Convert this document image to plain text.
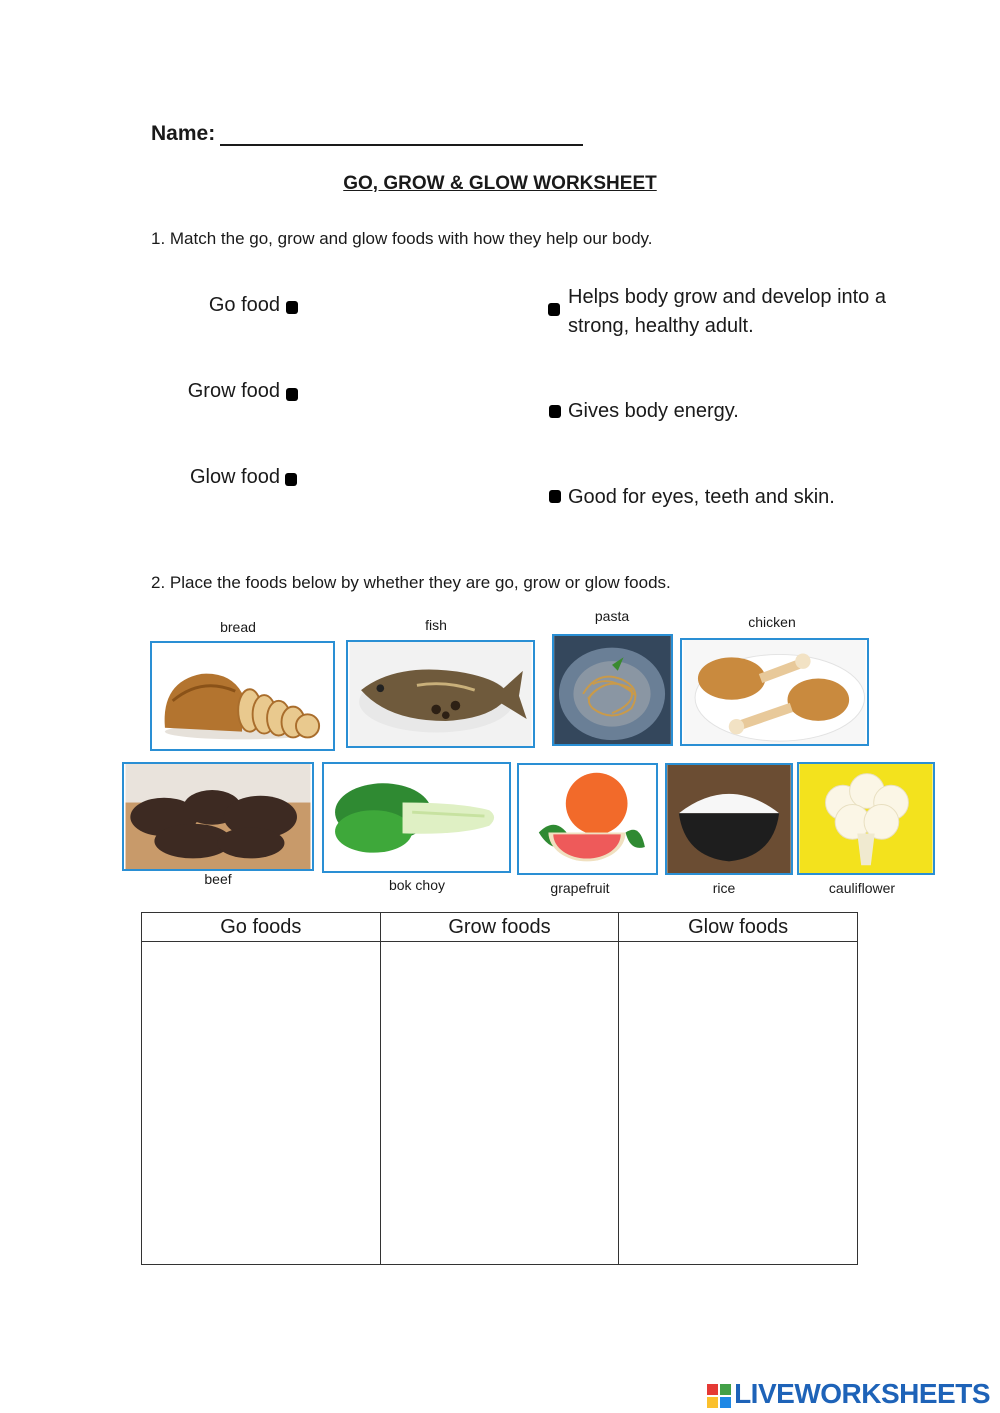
Name:
GO, GROW & GLOW WORKSHEET
1. Match the go, grow and glow foods with how they help our body.
Go food
Grow food
Glow food
Helps body grow and develop into a strong, healthy adult.
Gives body energy.
Good for eyes, teeth and skin.
2. Place the foods below by whether they are go, grow or glow foods.
bread	fish
pasta	chicken
beef	bok choy	grapefruit	rice	cauliflower
Go foods	Grow foods	Glow foods

LIVEWORKSHEETS
